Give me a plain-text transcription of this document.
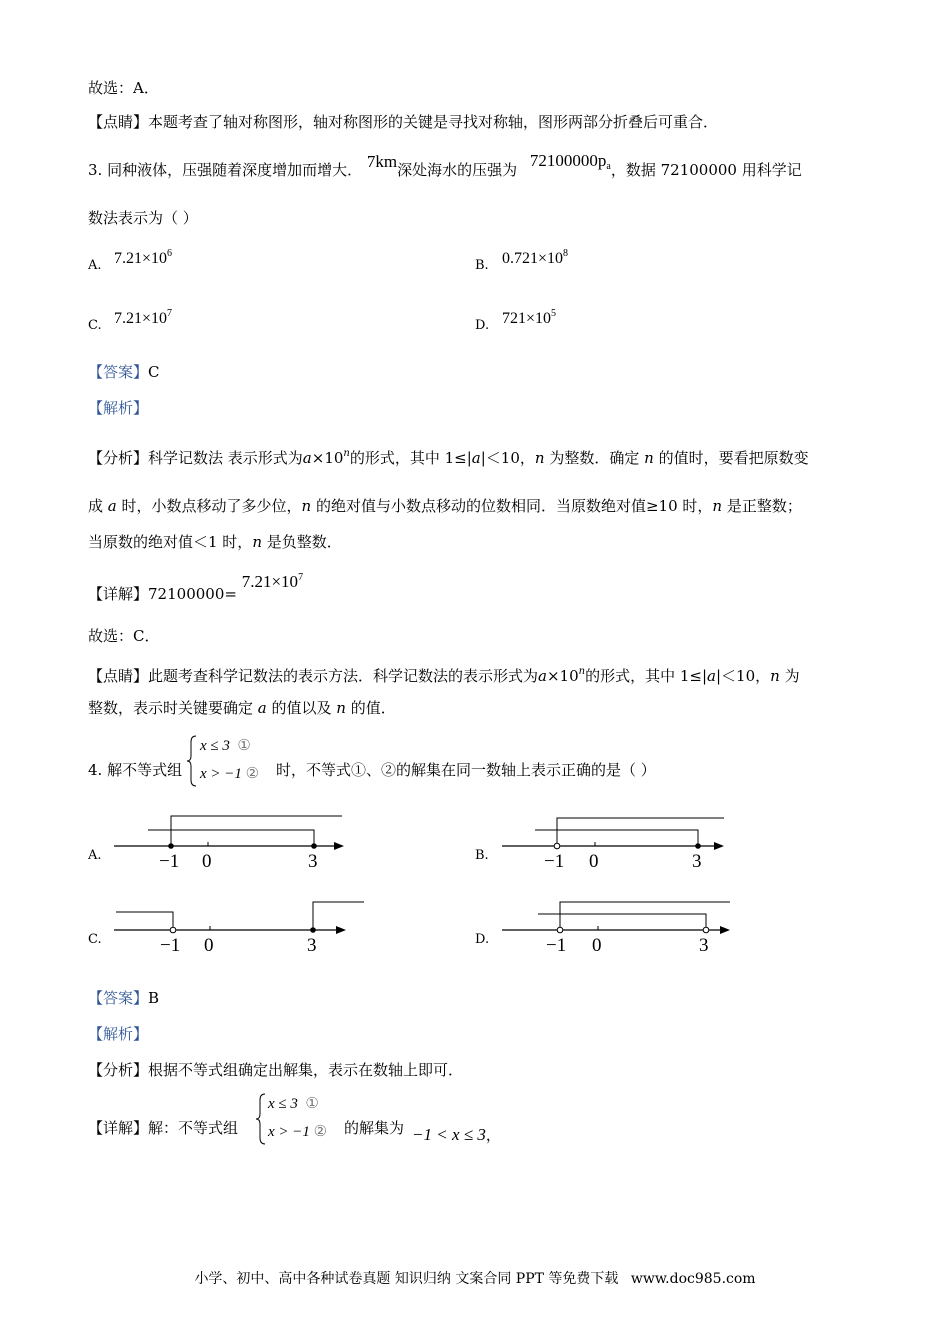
故选：A．
【点睛】本题考查了轴对称图形，轴对称图形的关键是寻找对称轴，图形两部分折叠后可重合．
3. 同种液体，压强随着深度增加而增大． 7km深处海水的压强为 $72100000p_a$，数据 72100000 用科学记
数法表示为（ ）
A. $7.21\times 10^6$
B. $0.721\times 10^8$
C. $7.21\times 10^7$
D. $721\times 10^5$
【答案】C
【解析】
【分析】科学记数法 表示形式为$a\times 10^n$的形式，其中 1≤|a|＜10，n 为整数．确定 n 的值时，要看把原数变
成 a 时，小数点移动了多少位，n 的绝对值与小数点移动的位数相同．当原数绝对值≥10 时，n 是正整数；
当原数的绝对值＜1 时，n 是负整数．
【详解】$72100000= 7.21\times 10^7$
故选：C．
【点睛】此题考查科学记数法的表示方法．科学记数法的表示形式为$a\times 10^n$的形式，其中 1≤|a|＜10，n 为
整数，表示时关键要确定 a 的值以及 n 的值．
4. 解不等式组
x ≤ 3 ①
x > −1 ② 时，不等式①、②的解集在同一数轴上表示正确的是（ ）
A.	−1 0	3	B.	−1 0	3
C.	−1 0	3	D.	−1 0	3
【答案】B
【解析】
【分析】根据不等式组确定出解集，表示在数轴上即可．
【详解】解：不等式组
x ≤ 3 ①
x > −1 ② 的解集为 −1 < x ≤ 3，
小学、初中、高中各种试卷真题 知识归纳 文案合同 PPT 等免费下载 www.doc985.com
